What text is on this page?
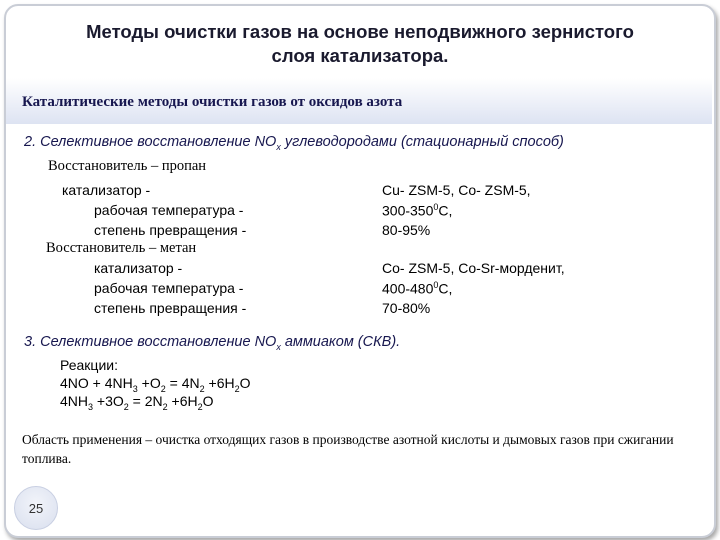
Методы очистки газов на основе неподвижного зернистого
слоя катализатора.
Каталитические методы очистки газов от оксидов азота
2. Селективное восстановление $NO_x$ углеводородами (стационарный способ)
Восстановитель – пропан
катализатор -	Cu- ZSM-5, Co- ZSM-5,
рабочая температура -	$300-350^0С$,
степень превращения -	80-95%
Восстановитель – метан
катализатор -	Co- ZSM-5, Co-Sr-морденит,
рабочая температура -	$400-480^0С$,
степень превращения -	70-80%
3. Селективное восстановление $NO_x$ аммиаком (СКВ).
Реакции:
$4NO + 4NH_3 +O_2 = 4N_2 +6H_2O$
$4NH_3 +3O_2 = 2N_2 +6H_2O$
Область применения – очистка отходящих газов в производстве азотной кислоты и дымовых газов при сжигании топлива.
25
